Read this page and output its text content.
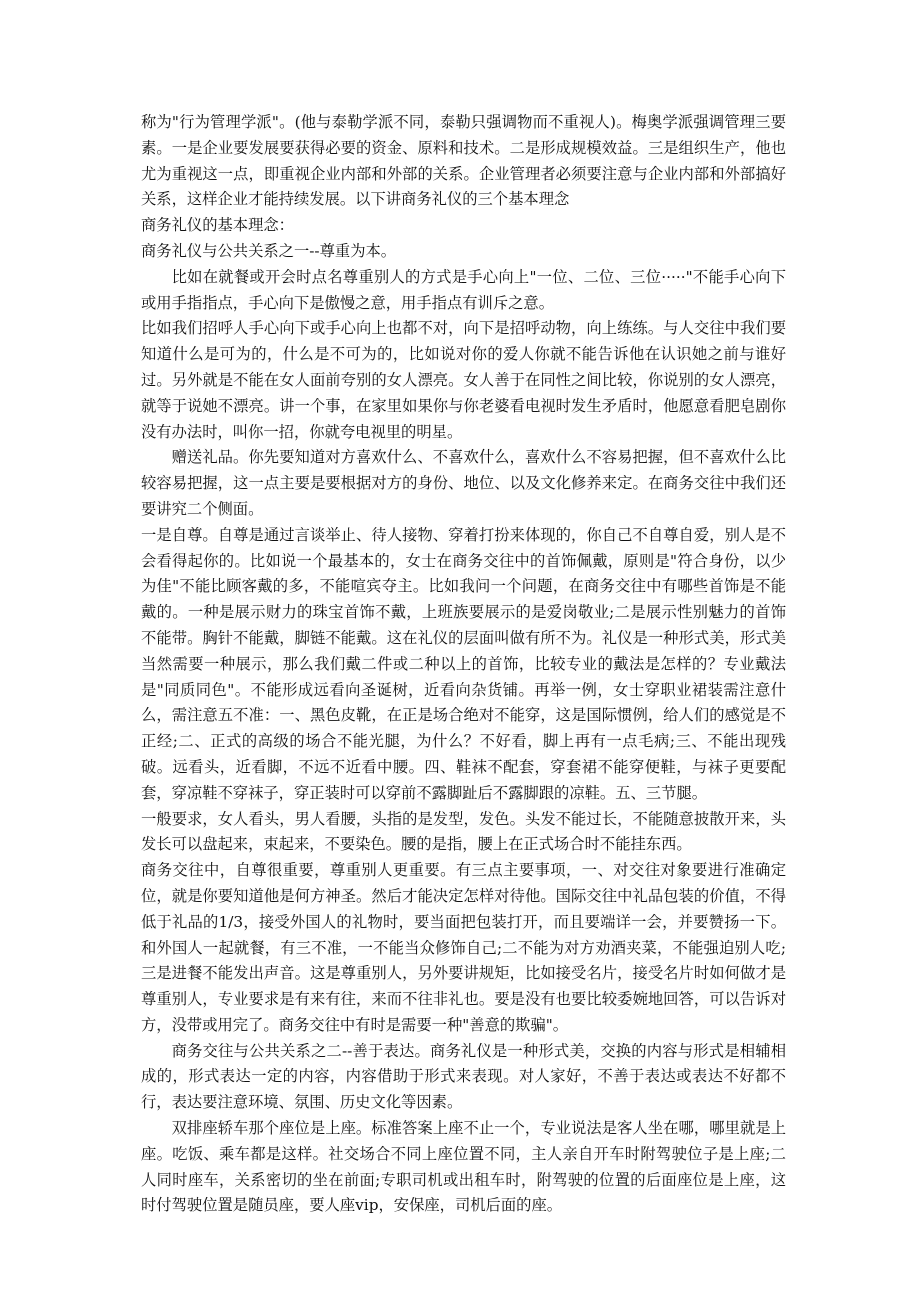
称为"行为管理学派"。(他与泰勒学派不同，泰勒只强调物而不重视人)。梅奥学派强调管理三要素。一是企业要发展要获得必要的资金、原料和技术。二是形成规模效益。三是组织生产，他也尤为重视这一点，即重视企业内部和外部的关系。企业管理者必须要注意与企业内部和外部搞好关系，这样企业才能持续发展。以下讲商务礼仪的三个基本理念

商务礼仪的基本理念：

商务礼仪与公共关系之一--尊重为本。

比如在就餐或开会时点名尊重别人的方式是手心向上"一位、二位、三位·····"不能手心向下或用手指指点，手心向下是傲慢之意，用手指点有训斥之意。

比如我们招呼人手心向下或手心向上也都不对，向下是招呼动物，向上练练。与人交往中我们要知道什么是可为的，什么是不可为的，比如说对你的爱人你就不能告诉他在认识她之前与谁好过。另外就是不能在女人面前夸别的女人漂亮。女人善于在同性之间比较，你说别的女人漂亮，就等于说她不漂亮。讲一个事，在家里如果你与你老婆看电视时发生矛盾时，他愿意看肥皂剧你没有办法时，叫你一招，你就夸电视里的明星。

赠送礼品。你先要知道对方喜欢什么、不喜欢什么，喜欢什么不容易把握，但不喜欢什么比较容易把握，这一点主要是要根据对方的身份、地位、以及文化修养来定。在商务交往中我们还要讲究二个侧面。

一是自尊。自尊是通过言谈举止、待人接物、穿着打扮来体现的，你自己不自尊自爱，别人是不会看得起你的。比如说一个最基本的，女士在商务交往中的首饰佩戴，原则是"符合身份，以少为佳"不能比顾客戴的多，不能喧宾夺主。比如我问一个问题，在商务交往中有哪些首饰是不能戴的。一种是展示财力的珠宝首饰不戴，上班族要展示的是爱岗敬业;二是展示性别魅力的首饰不能带。胸针不能戴，脚链不能戴。这在礼仪的层面叫做有所不为。礼仪是一种形式美，形式美当然需要一种展示，那么我们戴二件或二种以上的首饰，比较专业的戴法是怎样的？专业戴法是"同质同色"。不能形成远看向圣诞树，近看向杂货铺。再举一例，女士穿职业裙装需注意什么，需注意五不准：一、黑色皮靴，在正是场合绝对不能穿，这是国际惯例，给人们的感觉是不正经;二、正式的高级的场合不能光腿，为什么？不好看，脚上再有一点毛病;三、不能出现残破。远看头，近看脚，不远不近看中腰。四、鞋袜不配套，穿套裙不能穿便鞋，与袜子更要配套，穿凉鞋不穿袜子，穿正装时可以穿前不露脚趾后不露脚跟的凉鞋。五、三节腿。

一般要求，女人看头，男人看腰，头指的是发型，发色。头发不能过长，不能随意披散开来，头发长可以盘起来，束起来，不要染色。腰的是指，腰上在正式场合时不能挂东西。

商务交往中，自尊很重要，尊重别人更重要。有三点主要事项，一、对交往对象要进行准确定位，就是你要知道他是何方神圣。然后才能决定怎样对待他。国际交往中礼品包装的价值，不得低于礼品的1/3，接受外国人的礼物时，要当面把包装打开，而且要端详一会，并要赞扬一下。和外国人一起就餐，有三不准，一不能当众修饰自己;二不能为对方劝酒夹菜，不能强迫别人吃;三是进餐不能发出声音。这是尊重别人，另外要讲规矩，比如接受名片，接受名片时如何做才是尊重别人，专业要求是有来有往，来而不往非礼也。要是没有也要比较委婉地回答，可以告诉对方，没带或用完了。商务交往中有时是需要一种"善意的欺骗"。

商务交往与公共关系之二--善于表达。商务礼仪是一种形式美，交换的内容与形式是相辅相成的，形式表达一定的内容，内容借助于形式来表现。对人家好，不善于表达或表达不好都不行，表达要注意环境、氛围、历史文化等因素。

双排座轿车那个座位是上座。标准答案上座不止一个，专业说法是客人坐在哪，哪里就是上座。吃饭、乘车都是这样。社交场合不同上座位置不同，主人亲自开车时附驾驶位子是上座;二人同时座车，关系密切的坐在前面;专职司机或出租车时，附驾驶的位置的后面座位是上座，这时付驾驶位置是随员座，要人座vip，安保座，司机后面的座。
